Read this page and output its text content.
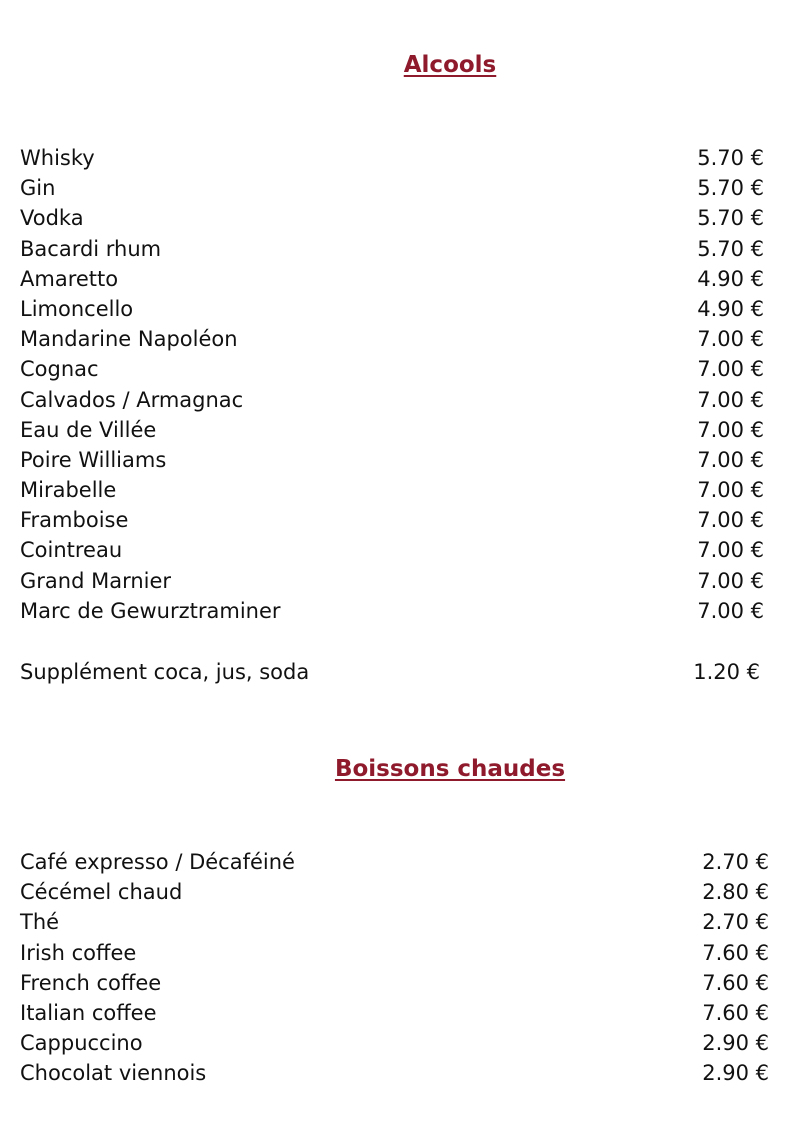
Alcools
Whisky	5.70 €
Gin	5.70 €
Vodka	5.70 €
Bacardi rhum	5.70 €
Amaretto	4.90 €
Limoncello	4.90 €
Mandarine Napoléon	7.00 €
Cognac	7.00 €
Calvados / Armagnac	7.00 €
Eau de Villée	7.00 €
Poire Williams	7.00 €
Mirabelle	7.00 €
Framboise	7.00 €
Cointreau	7.00 €
Grand Marnier	7.00 €
Marc de Gewurztraminer	7.00 €
Supplément coca, jus, soda	1.20 €
Boissons chaudes
Café expresso / Décaféiné	2.70 €
Cécémel chaud	2.80 €
Thé	2.70 €
Irish coffee	7.60 €
French coffee	7.60 €
Italian coffee	7.60 €
Cappuccino	2.90 €
Chocolat viennois	2.90 €
